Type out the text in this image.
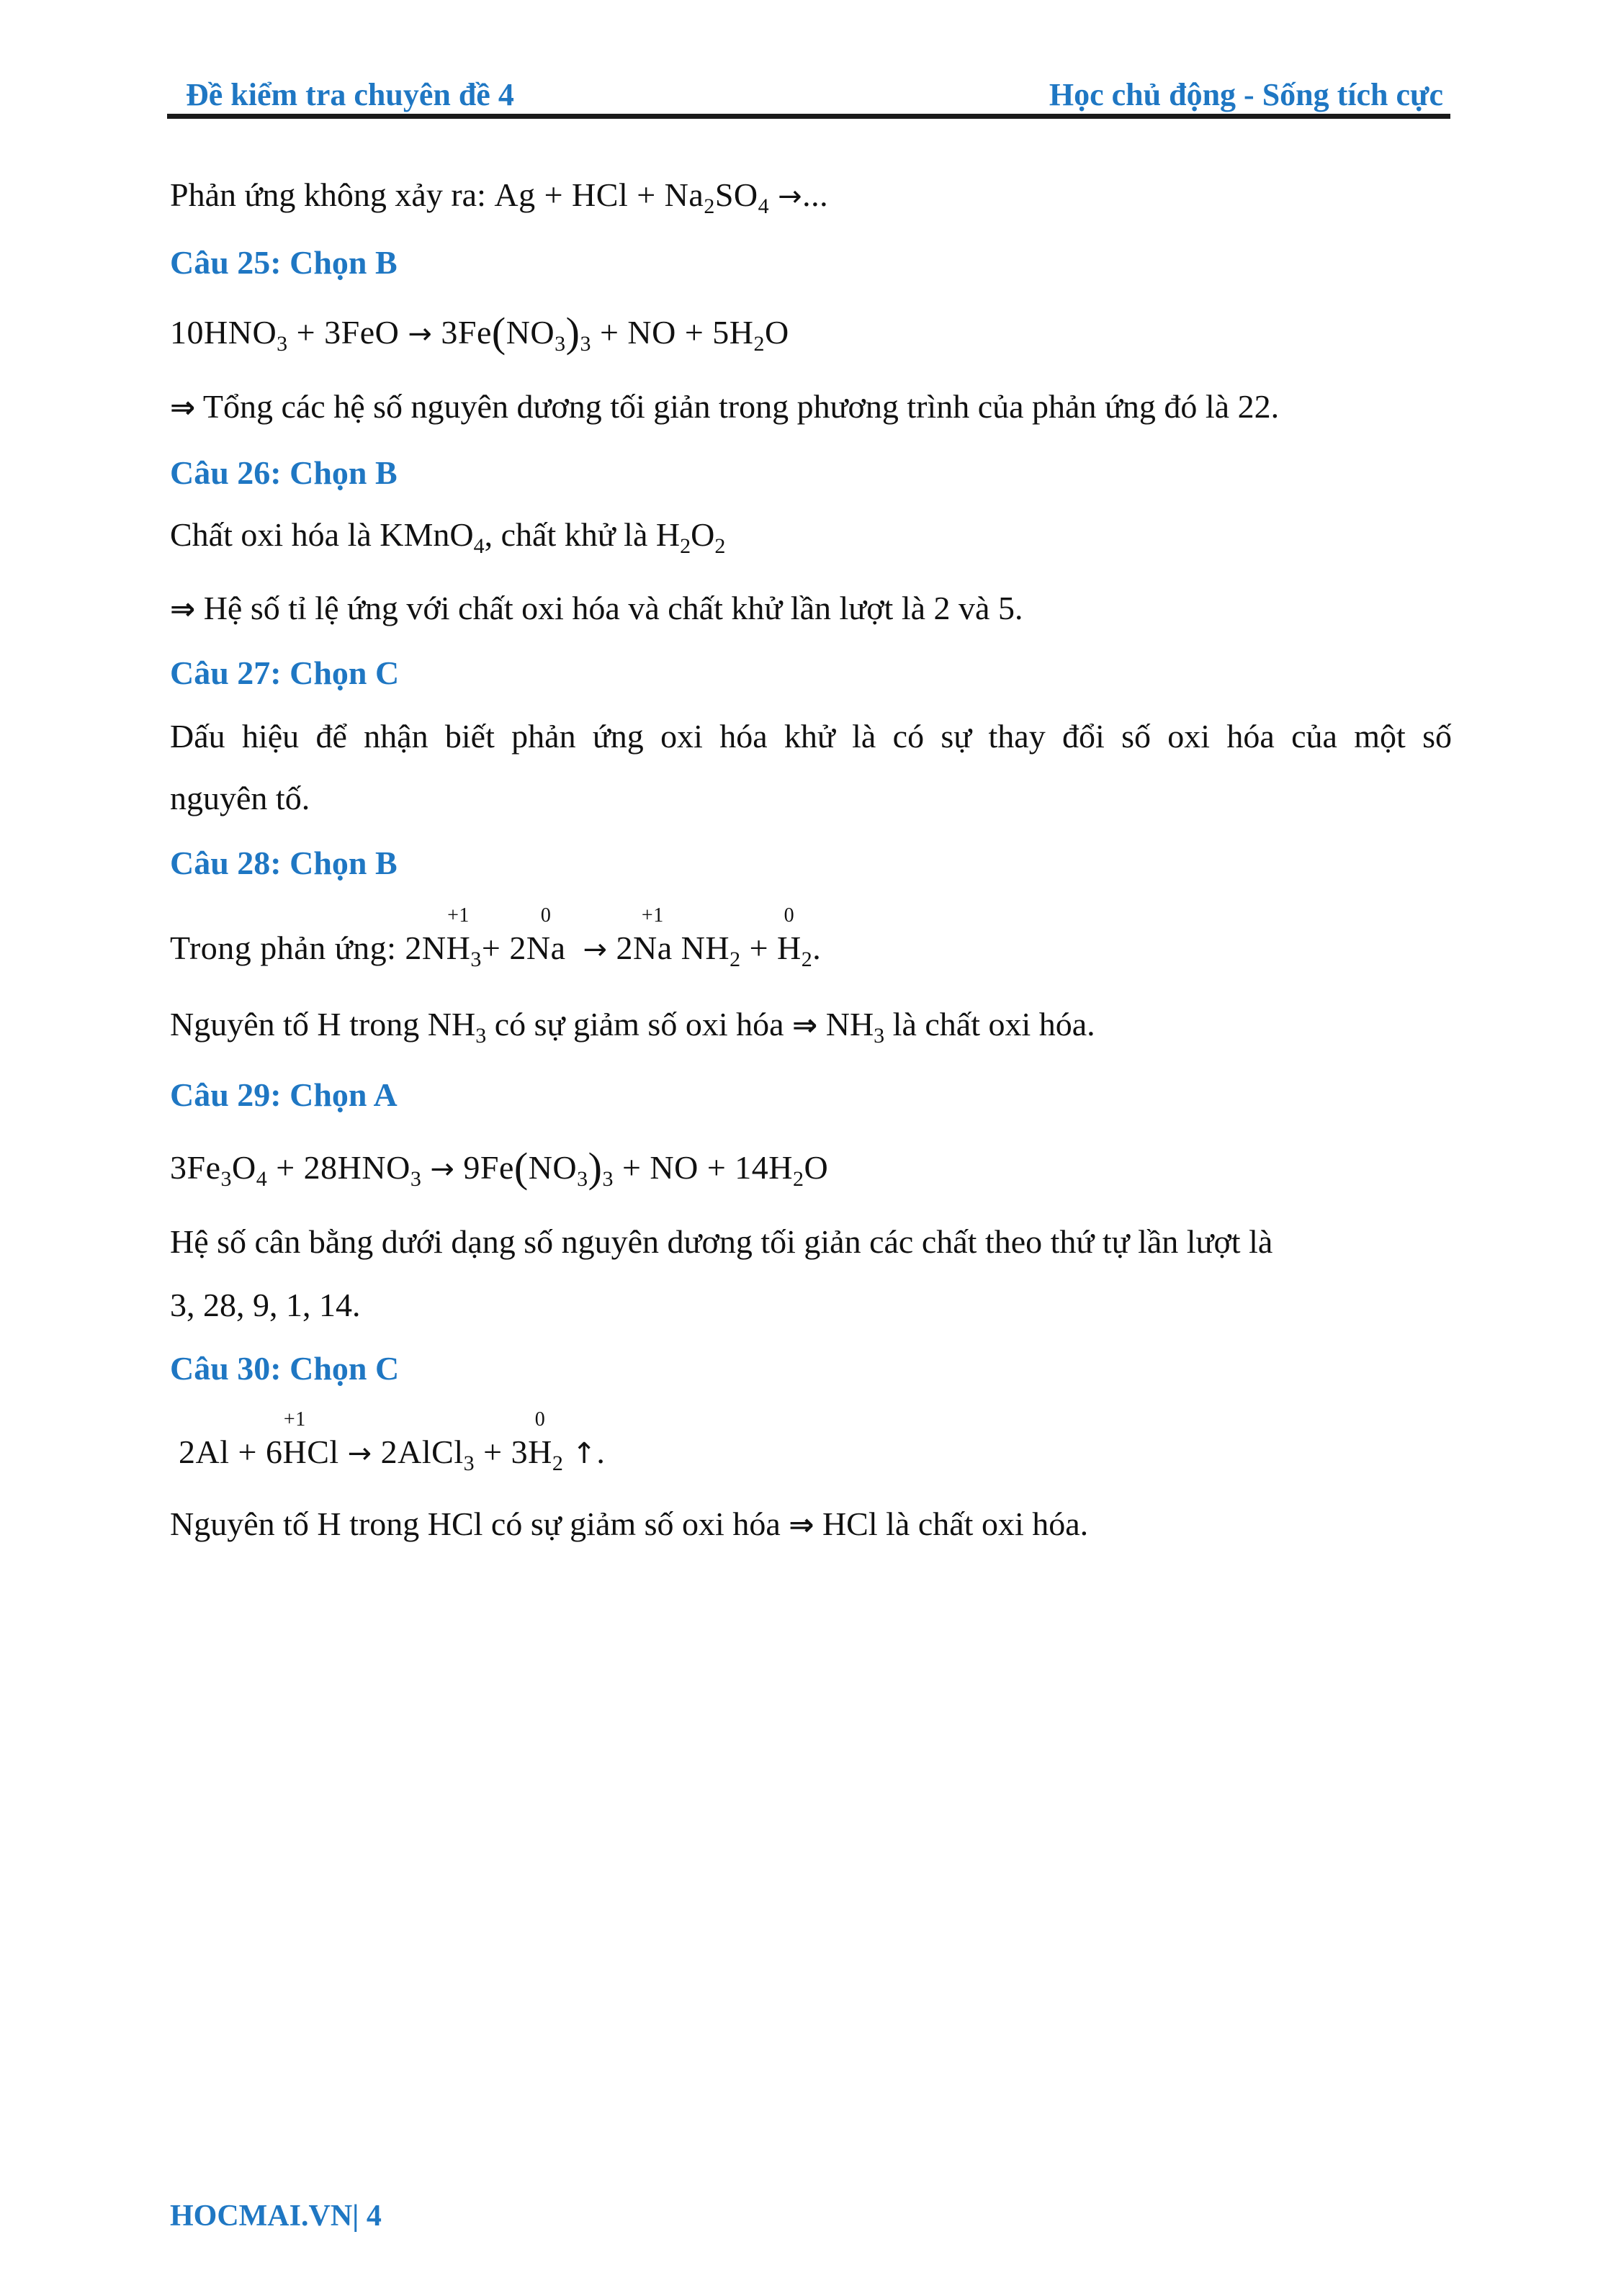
Đề kiểm tra chuyên đề 4	Học chủ động - Sống tích cực
Phản ứng không xảy ra: Ag + HCl + $Na_2SO_4$ →...
Câu 25: Chọn B
$10HNO_3 + 3FeO \to 3Fe(NO_3)_3$ + NO + $5H_2O$
⇒ Tổng các hệ số nguyên dương tối giản trong phương trình của phản ứng đó là 22.
Câu 26: Chọn B
Chất oxi hóa là KMnO$_4$, chất khử là $H_2O_2$
⇒ Hệ số tỉ lệ ứng với chất oxi hóa và chất khử lần lượt là 2 và 5.
Câu 27: Chọn C
Dấu hiệu để nhận biết phản ứng oxi hóa khử là có sự thay đổi số oxi hóa của một số
nguyên tố.
Câu 28: Chọn B
Trong phản ứng: 2N
+1
$H_3+ 2$
0
Na → 2
+1
Na $NH_2$ +
0
$H_2$.
Nguyên tố H trong $NH_3$ có sự giảm số oxi hóa ⇒ $NH_3$ là chất oxi hóa.
Câu 29: Chọn A
$3Fe_3O_4 + 28HNO_3 \to 9Fe(NO_3)_3$ + NO + $14H_2O$
Hệ số cân bằng dưới dạng số nguyên dương tối giản các chất theo thứ tự lần lượt là
3, 28, 9, 1, 14.
Câu 30: Chọn C
2Al + 6
+1
HCl → 2AlCl$_3$ + 3
0
$H_2$ ↑.
Nguyên tố H trong HCl có sự giảm số oxi hóa ⇒ HCl là chất oxi hóa.
HOCMAI.VN| 4
